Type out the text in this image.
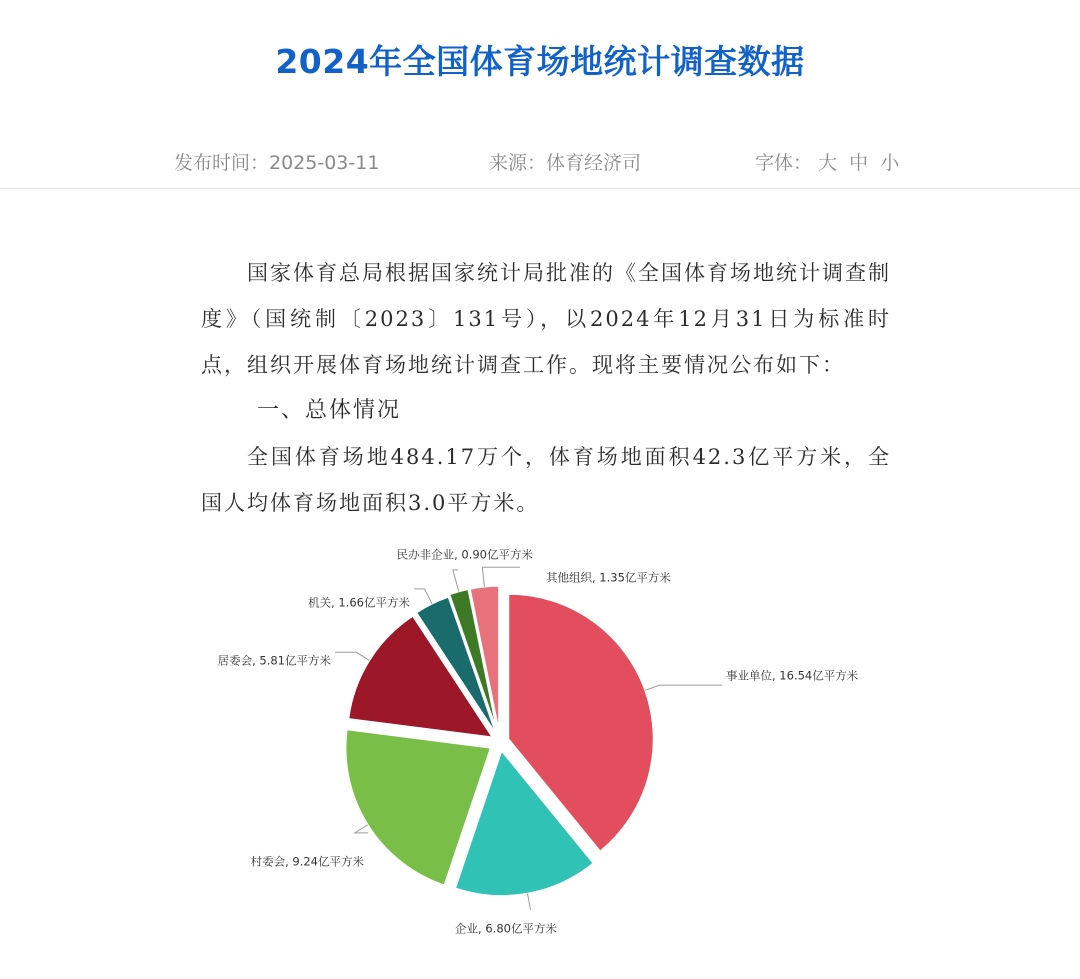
2024年全国体育场地统计调查数据
发布时间：2025-03-11	来源：体育经济司	字体： 大 中 小

国家体育总局根据国家统计局批准的《全国体育场地统计调查制度》（国统制〔2023〕131号），以2024年12月31日为标准时点，组织开展体育场地统计调查工作。现将主要情况公布如下：

一、总体情况

全国体育场地484.17万个，体育场地面积42.3亿平方米，全国人均体育场地面积3.0平方米。

事业单位, 16.54亿平方米
企业, 6.80亿平方米
村委会, 9.24亿平方米
居委会, 5.81亿平方米
机关, 1.66亿平方米
民办非企业, 0.90亿平方米
其他组织, 1.35亿平方米
